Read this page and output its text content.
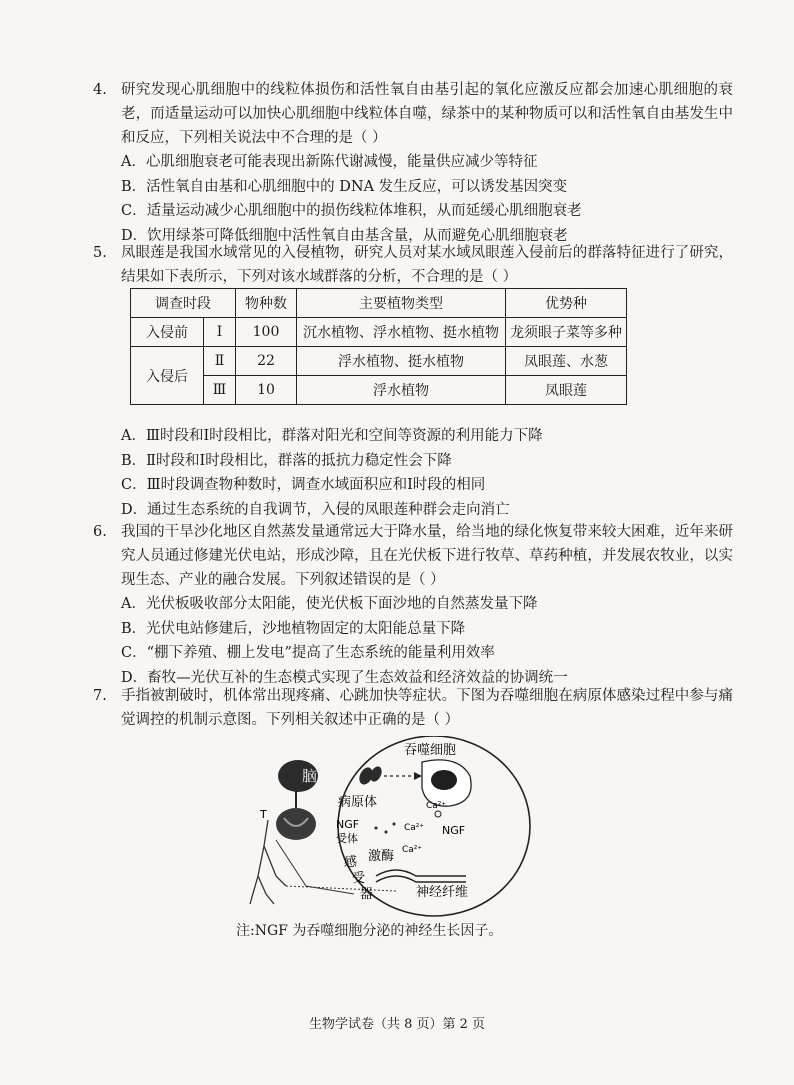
4. 研究发现心肌细胞中的线粒体损伤和活性氧自由基引起的氧化应激反应都会加速心肌细胞的衰老，而适量运动可以加快心肌细胞中线粒体自噬，绿茶中的某种物质可以和活性氧自由基发生中和反应，下列相关说法中不合理的是（ ）
A．心肌细胞衰老可能表现出新陈代谢减慢，能量供应减少等特征
B．活性氧自由基和心肌细胞中的 DNA 发生反应，可以诱发基因突变
C．适量运动减少心肌细胞中的损伤线粒体堆积，从而延缓心肌细胞衰老
D．饮用绿茶可降低细胞中活性氧自由基含量，从而避免心肌细胞衰老
5. 凤眼莲是我国水域常见的入侵植物，研究人员对某水域凤眼莲入侵前后的群落特征进行了研究，结果如下表所示，下列对该水域群落的分析，不合理的是（ ）
调查时段		物种数	主要植物类型	优势种
入侵前	Ⅰ	100	沉水植物、浮水植物、挺水植物	龙须眼子菜等多种
入侵后	Ⅱ	22	浮水植物、挺水植物	凤眼莲、水葱
	Ⅲ	10	浮水植物	凤眼莲
A．Ⅲ时段和Ⅰ时段相比，群落对阳光和空间等资源的利用能力下降
B．Ⅱ时段和Ⅰ时段相比，群落的抵抗力稳定性会下降
C．Ⅲ时段调查物种数时，调查水域面积应和Ⅰ时段的相同
D．通过生态系统的自我调节，入侵的凤眼莲种群会走向消亡
6. 我国的干旱沙化地区自然蒸发量通常远大于降水量，给当地的绿化恢复带来较大困难，近年来研究人员通过修建光伏电站，形成沙障，且在光伏板下进行牧草、草药种植，并发展农牧业，以实现生态、产业的融合发展。下列叙述错误的是（ ）
A．光伏板吸收部分太阳能，使光伏板下面沙地的自然蒸发量下降
B．光伏电站修建后，沙地植物固定的太阳能总量下降
C．“棚下养殖、棚上发电”提高了生态系统的能量利用效率
D．畜牧—光伏互补的生态模式实现了生态效益和经济效益的协调统一
7. 手指被割破时，机体常出现疼痛、心跳加快等症状。下图为吞噬细胞在病原体感染过程中参与痛觉调控的机制示意图。下列相关叙述中正确的是（ ）
脑
T
病原体
吞噬细胞
Ca²⁺
NGF
NGF
受体
Ca²⁺
激酶 Ca²⁺
感
受
器	神经纤维
注:NGF 为吞噬细胞分泌的神经生长因子。
生物学试卷（共 8 页）第 2 页
